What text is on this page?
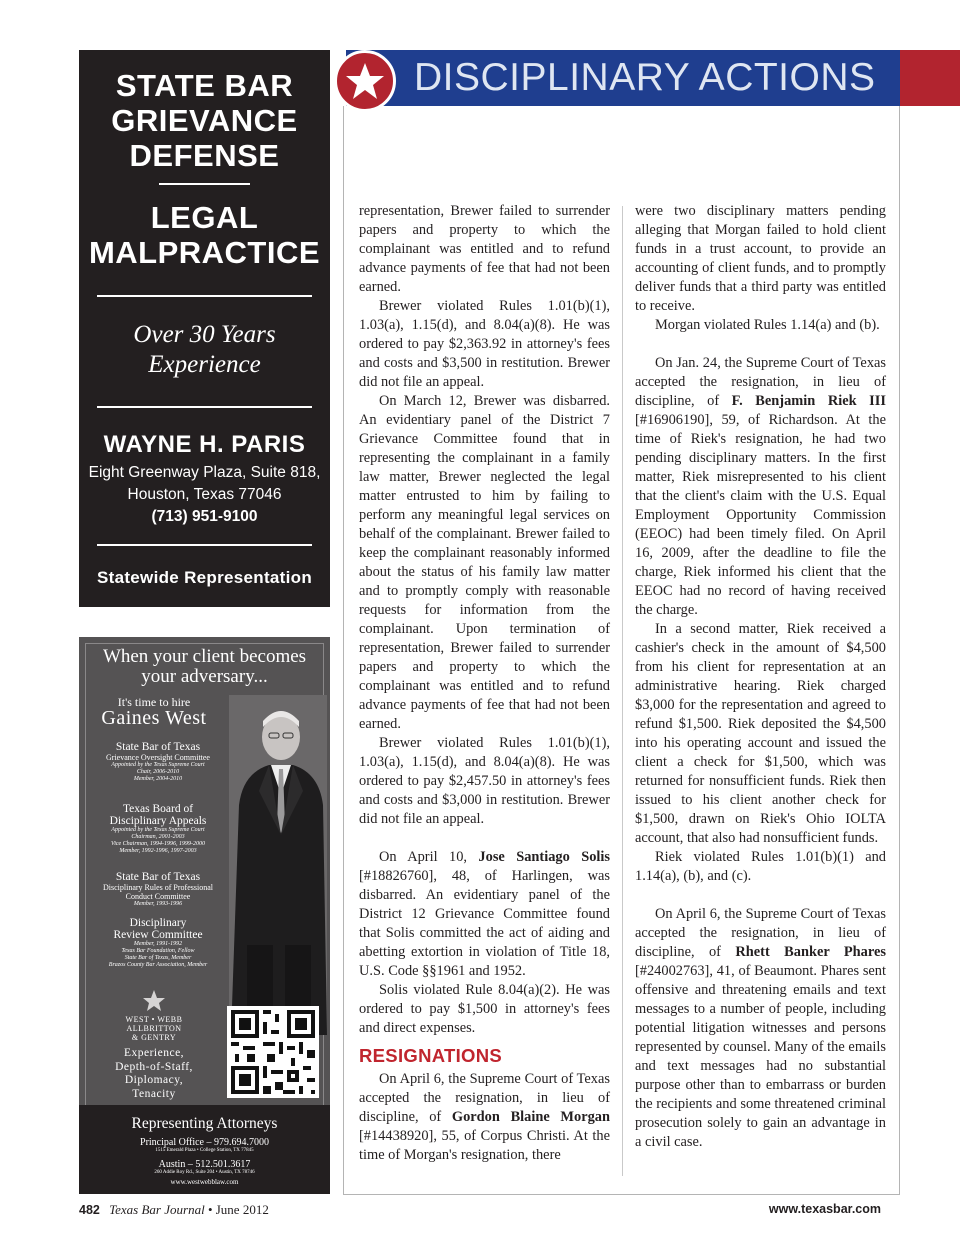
STATE BAR
GRIEVANCE
DEFENSE
LEGAL
MALPRACTICE
Over 30 Years
Experience
WAYNE H. PARIS
Eight Greenway Plaza, Suite 818,
Houston, Texas 77046
(713) 951-9100
Statewide Representation
When your client becomes
your adversary...
It's time to hire
Gaines West
State Bar of Texas
Grievance Oversight Committee
Appointed by the Texas Supreme Court
Chair, 2006-2010
Member, 2004-2010
Texas Board of
Disciplinary Appeals
Appointed by the Texas Supreme Court
Chairman, 2001-2003
Vice Chairman, 1994-1996, 1999-2000
Member, 1992-1996, 1997-2003
State Bar of Texas
Disciplinary Rules of Professional
Conduct Committee
Member, 1993-1996
Disciplinary
Review Committee
Member, 1991-1992
Texas Bar Foundation, Fellow
State Bar of Texas, Member
Brazos County Bar Association, Member
WEST • WEBB
ALLBRITTON
& GENTRY
Experience,
Depth-of-Staff,
Diplomacy,
Tenacity
Representing Attorneys
Principal Office – 979.694.7000
1515 Emerald Plaza • College Station, TX 77845
Austin – 512.501.3617
260 Addie Roy Rd., Suite 204 • Austin, TX 78746
www.westwebblaw.com
DISCIPLINARY ACTIONS

representation, Brewer failed to surrender papers and property to which the complainant was entitled and to refund advance payments of fee that had not been earned.

Brewer violated Rules 1.01(b)(1), 1.03(a), 1.15(d), and 8.04(a)(8). He was ordered to pay $2,363.92 in attorney's fees and costs and $3,500 in restitution. Brewer did not file an appeal.

On March 12, Brewer was disbarred. An evidentiary panel of the District 7 Grievance Committee found that in representing the complainant in a family law matter, Brewer neglected the legal matter entrusted to him by failing to perform any meaningful legal services on behalf of the complainant. Brewer failed to keep the complainant reasonably informed about the status of his family law matter and to promptly comply with reasonable requests for information from the complainant. Upon termination of representation, Brewer failed to surrender papers and property to which the complainant was entitled and to refund advance payments of fee that had not been earned.

Brewer violated Rules 1.01(b)(1), 1.03(a), 1.15(d), and 8.04(a)(8). He was ordered to pay $2,457.50 in attorney's fees and costs and $3,000 in restitution. Brewer did not file an appeal.

On April 10, Jose Santiago Solis [#18826760], 48, of Harlingen, was disbarred. An evidentiary panel of the District 12 Grievance Committee found that Solis committed the act of aiding and abetting extortion in violation of Title 18, U.S. Code §§1961 and 1952.

Solis violated Rule 8.04(a)(2). He was ordered to pay $1,500 in attorney's fees and direct expenses.

RESIGNATIONS

On April 6, the Supreme Court of Texas accepted the resignation, in lieu of discipline, of Gordon Blaine Morgan [#14438920], 55, of Corpus Christi. At the time of Morgan's resignation, there

were two disciplinary matters pending alleging that Morgan failed to hold client funds in a trust account, to provide an accounting of client funds, and to promptly deliver funds that a third party was entitled to receive.

Morgan violated Rules 1.14(a) and (b).

On Jan. 24, the Supreme Court of Texas accepted the resignation, in lieu of discipline, of F. Benjamin Riek III [#16906190], 59, of Richardson. At the time of Riek's resignation, he had two pending disciplinary matters. In the first matter, Riek misrepresented to his client that the client's claim with the U.S. Equal Employment Opportunity Commission (EEOC) had been timely filed. On April 16, 2009, after the deadline to file the charge, Riek informed his client that the EEOC had no record of having received the charge.

In a second matter, Riek received a cashier's check in the amount of $4,500 from his client for representation at an administrative hearing. Riek charged $3,000 for the representation and agreed to refund $1,500. Riek deposited the $4,500 into his operating account and issued the client a check for $1,500, which was returned for nonsufficient funds. Riek then issued to his client another check for $1,500, drawn on Riek's Ohio IOLTA account, that also had nonsufficient funds.

Riek violated Rules 1.01(b)(1) and 1.14(a), (b), and (c).

On April 6, the Supreme Court of Texas accepted the resignation, in lieu of discipline, of Rhett Banker Phares [#24002763], 41, of Beaumont. Phares sent offensive and threatening emails and text messages to a number of people, including potential litigation witnesses and persons represented by counsel. Many of the emails and text messages had no substantial purpose other than to embarrass or burden the recipients and some threatened criminal prosecution solely to gain an advantage in a civil case.

482 Texas Bar Journal • June 2012	www.texasbar.com
